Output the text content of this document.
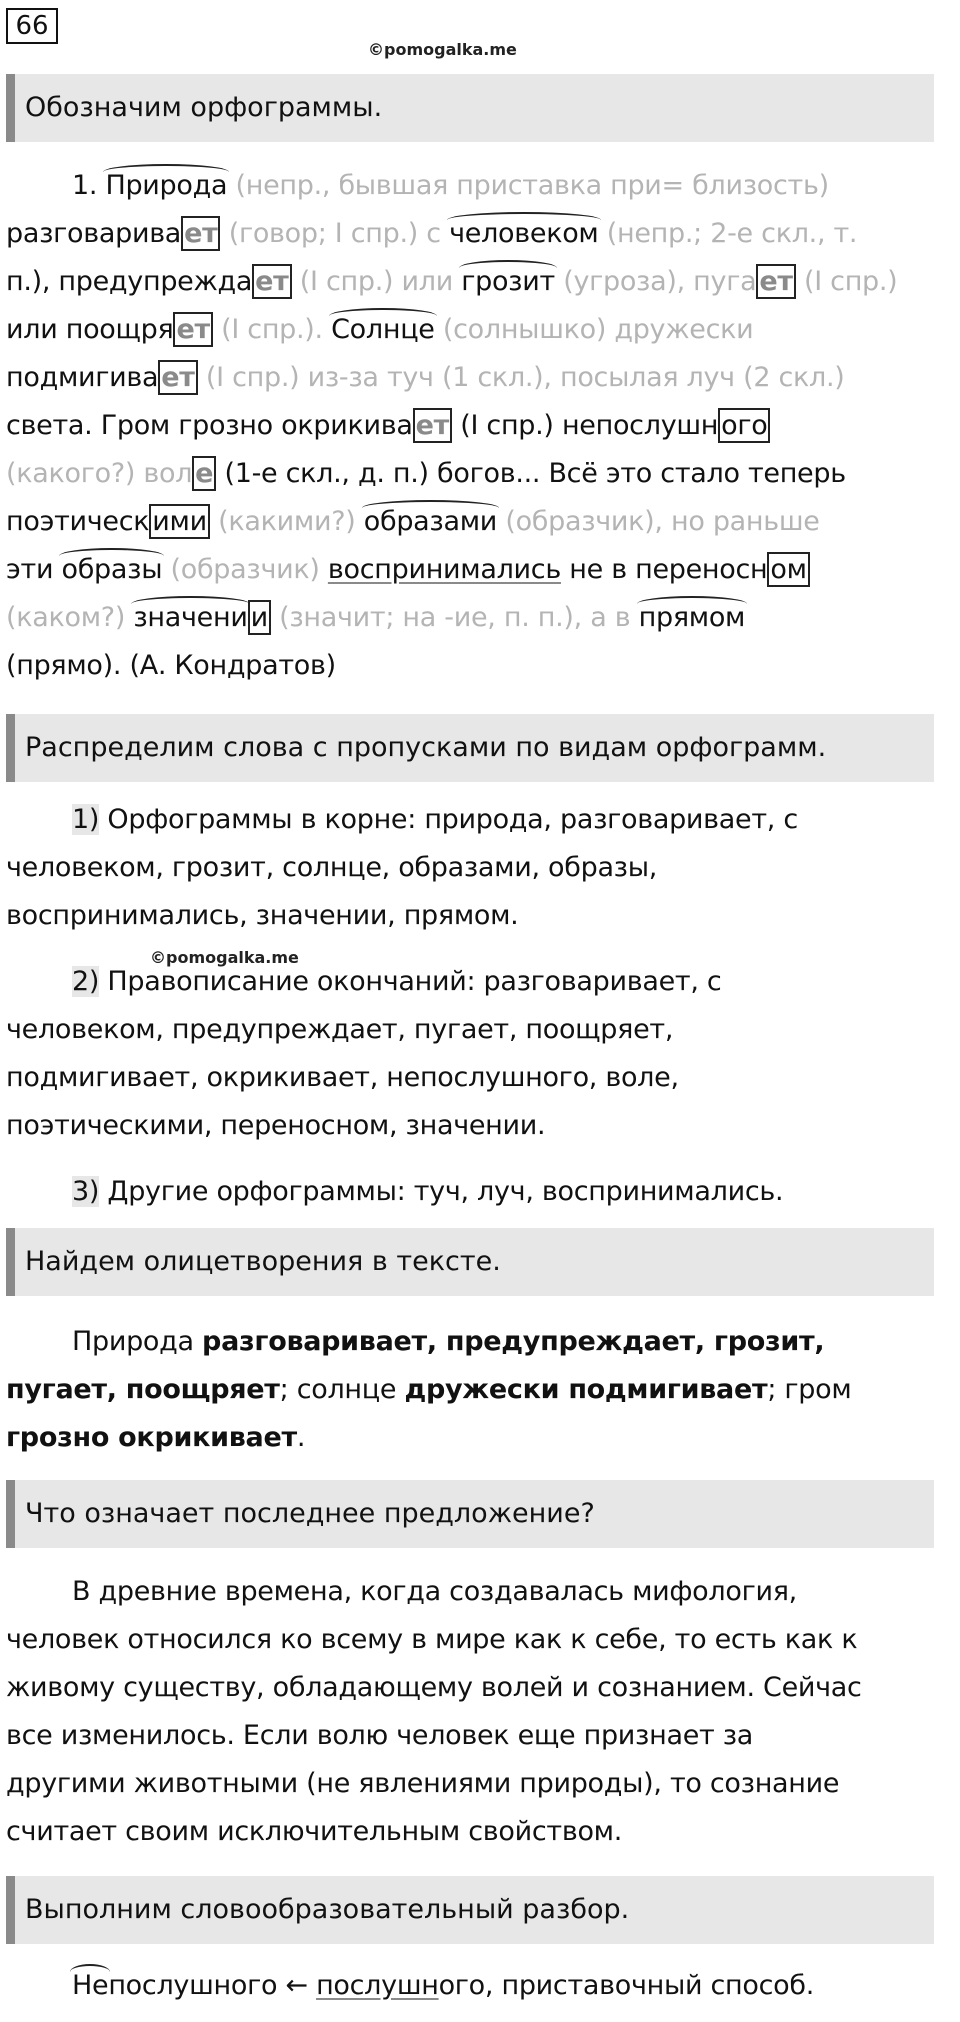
66
©pomogalka.me
Обозначим орфограммы.
1. Природа (непр., бывшая приставка при= близость)
разговарива ет (говор; I спр.) с человеком (непр.; 2-е скл., т.
п.), предупрежда ет (I спр.) или грозит (угроза), пуга ет (I спр.)
или поощря ет (I спр.). Солнце (солнышко) дружески
подмигива ет (I спр.) из-за туч (1 скл.), посылая луч (2 скл.)
света. Гром грозно окрикива ет (I спр.) непослушн ого
(какого?) вол е (1-е скл., д. п.) богов... Всё это стало теперь
поэтическ ими (какими?) образами (образчик), но раньше
эти образы (образчик) воспринимались не в переносн ом
(каком?) значени и (значит; на -ие, п. п.), а в прямом
(прямо). (А. Кондратов)
Распределим слова с пропусками по видам орфограмм.
1) Орфограммы в корне: природа, разговаривает, с
человеком, грозит, солнце, образами, образы,
воспринимались, значении, прямом.
©pomogalka.me
2) Правописание окончаний: разговаривает, с
человеком, предупреждает, пугает, поощряет,
подмигивает, окрикивает, непослушного, воле,
поэтическими, переносном, значении.
3) Другие орфограммы: туч, луч, воспринимались.
Найдем олицетворения в тексте.
Природа разговаривает, предупреждает, грозит,
пугает, поощряет; солнце дружески подмигивает; гром
грозно окрикивает.
Что означает последнее предложение?
В древние времена, когда создавалась мифология,
человек относился ко всему в мире как к себе, то есть как к
живому существу, обладающему волей и сознанием. Сейчас
все изменилось. Если волю человек еще признает за
другими животными (не явлениями природы), то сознание
считает своим исключительным свойством.
Выполним словообразовательный разбор.
Непослушного ← послушного, приставочный способ.
